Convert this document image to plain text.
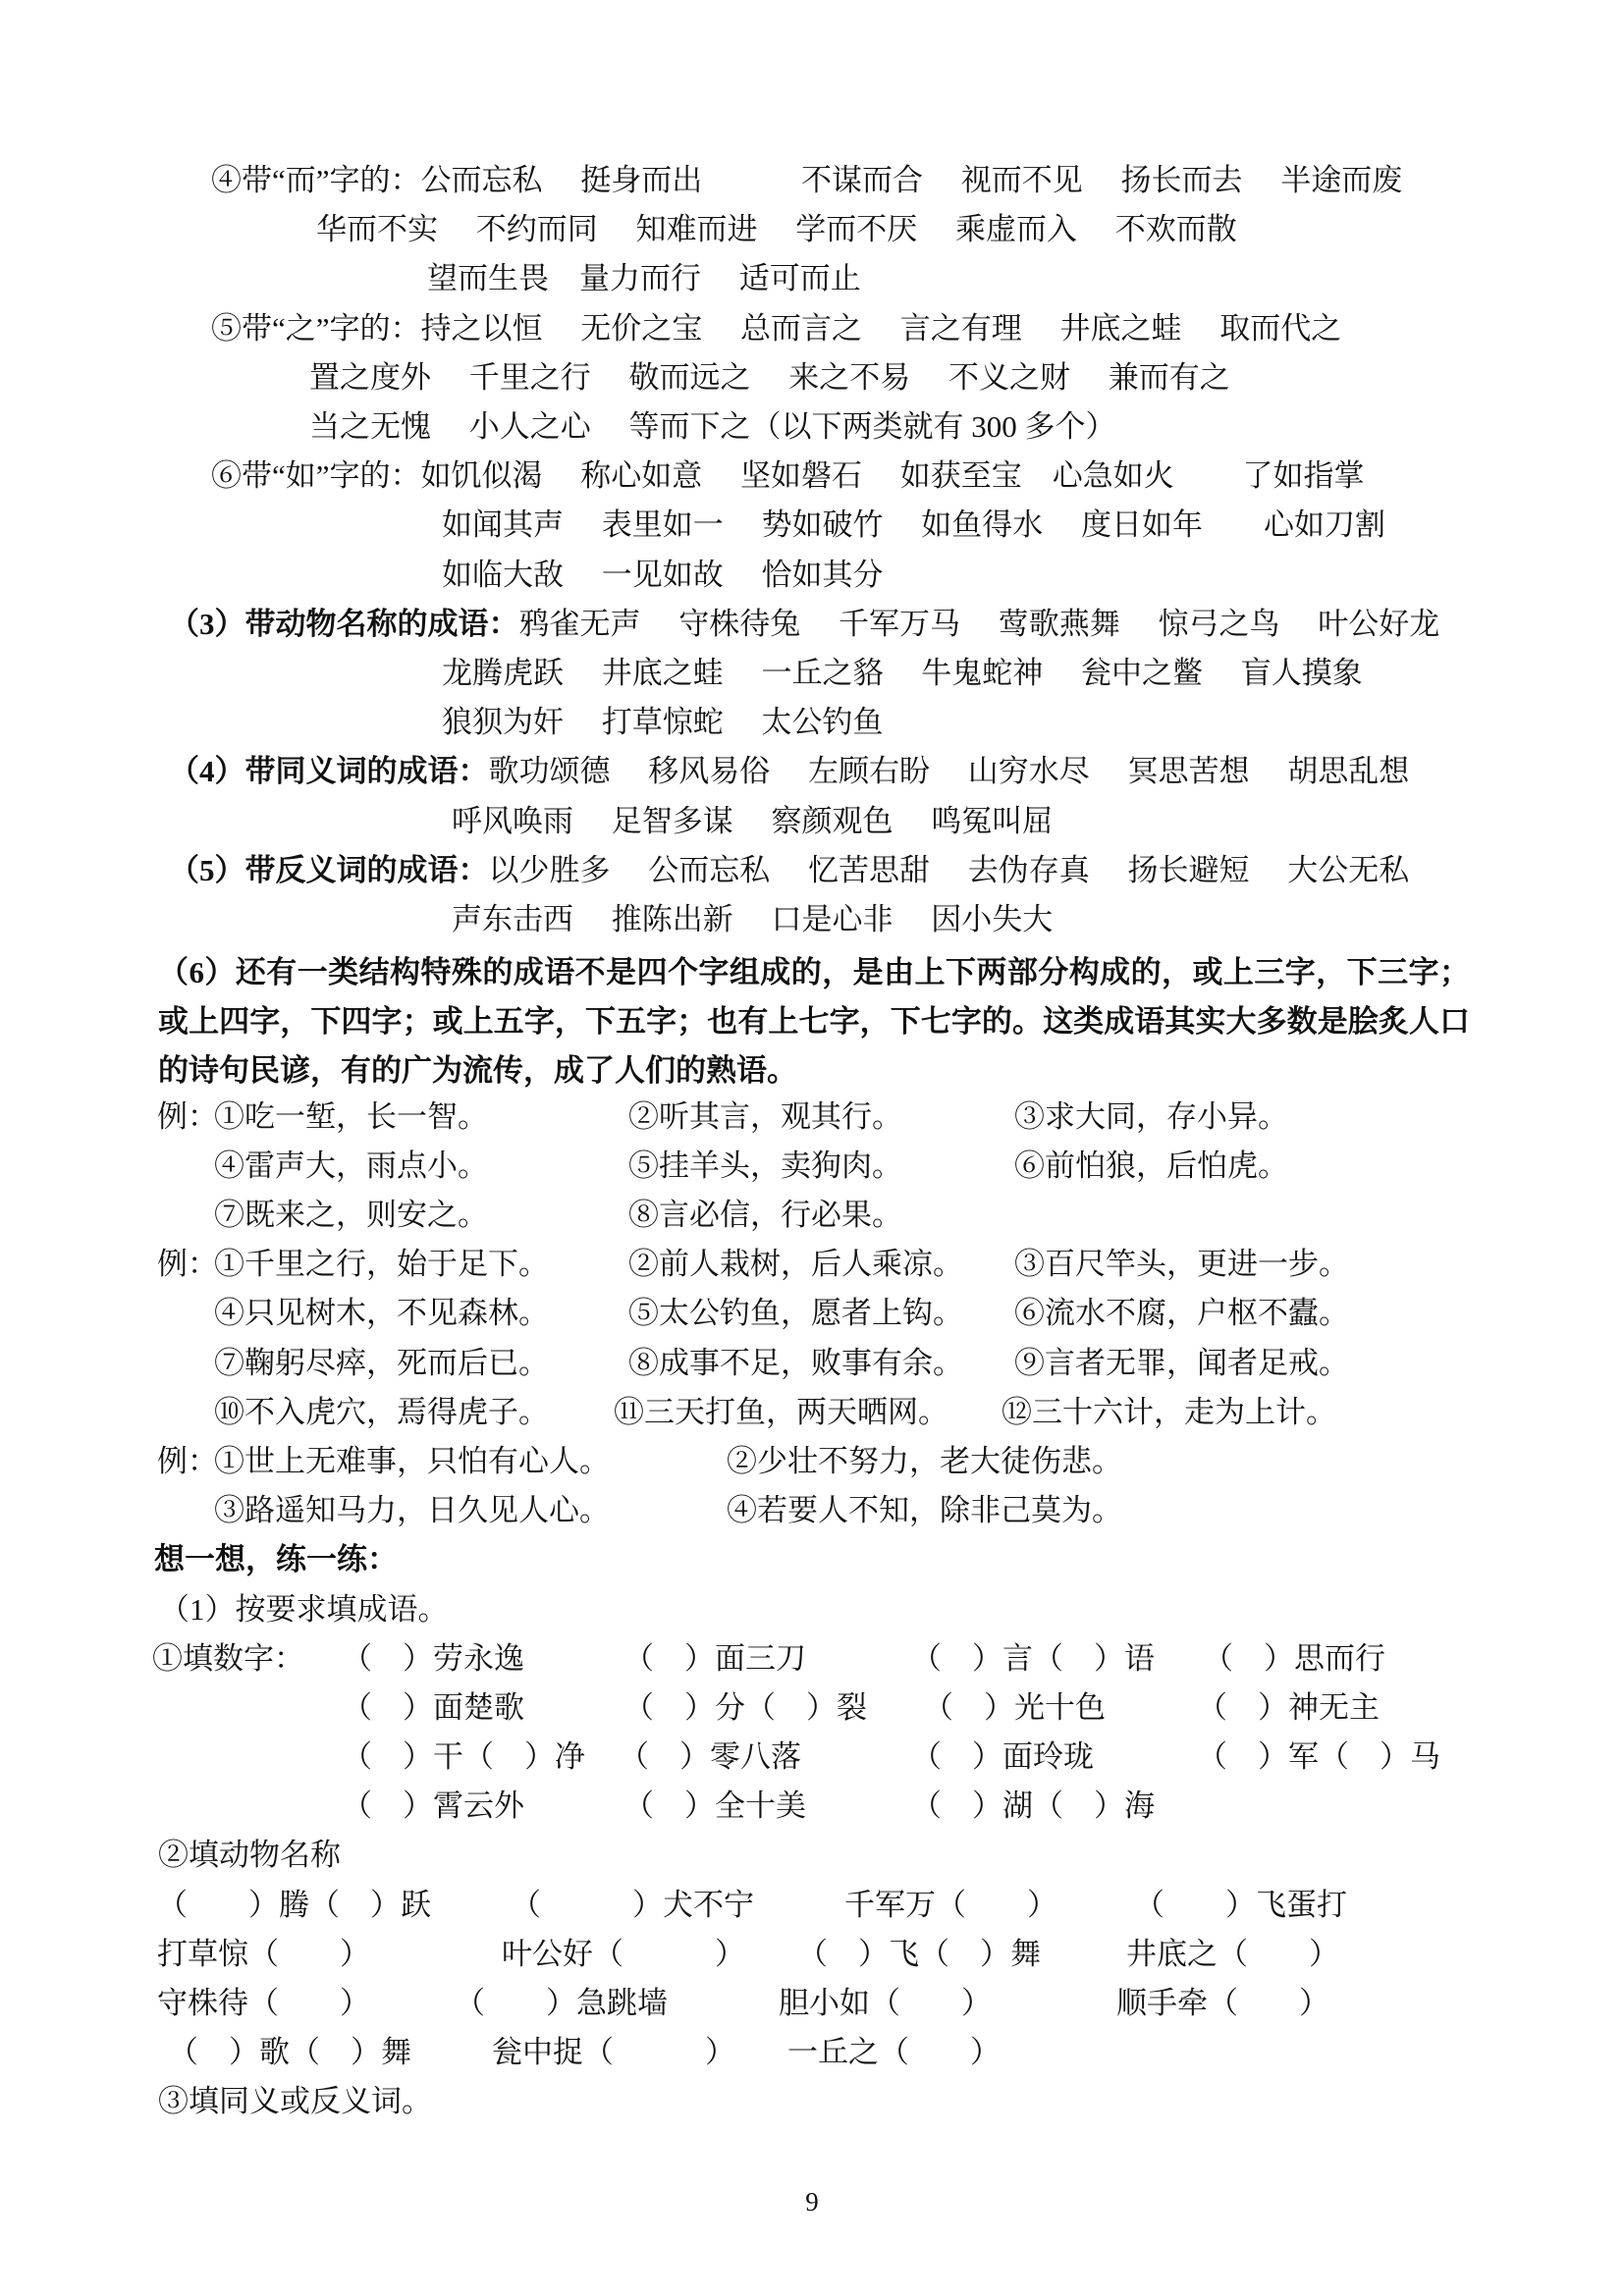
④带“而”字的：公而忘私　 挺身而出　　 　不谋而合　 视而不见　 扬长而去　 半途而废
华而不实　 不约而同　 知难而进　 学而不厌　 乘虚而入　 不欢而散
望而生畏　量力而行　 适可而止
⑤带“之”字的：持之以恒　 无价之宝　 总而言之　 言之有理　 井底之蛙　 取而代之
置之度外　 千里之行　 敬而远之　 来之不易　 不义之财　 兼而有之
当之无愧　 小人之心　 等而下之（以下两类就有 300 多个）
⑥带“如”字的：如饥似渴　 称心如意　 坚如磐石　 如获至宝　心急如火　　 了如指掌
如闻其声　 表里如一　 势如破竹　 如鱼得水　 度日如年　　心如刀割
如临大敌　 一见如故　 恰如其分
（3）带动物名称的成语：鸦雀无声　 守株待兔　 千军万马　 莺歌燕舞　 惊弓之鸟　 叶公好龙
龙腾虎跃　 井底之蛙　 一丘之貉　 牛鬼蛇神　 瓮中之鳖　 盲人摸象
狼狈为奸　 打草惊蛇　 太公钓鱼
（4）带同义词的成语：歌功颂德　 移风易俗　 左顾右盼　 山穷水尽　 冥思苦想　 胡思乱想
呼风唤雨　 足智多谋　 察颜观色　 鸣冤叫屈
（5）带反义词的成语：以少胜多　 公而忘私　 忆苦思甜　 去伪存真　 扬长避短　 大公无私
声东击西　 推陈出新　 口是心非　 因小失大
（6）还有一类结构特殊的成语不是四个字组成的，是由上下两部分构成的，或上三字，下三字；或上四字，下四字；或上五字，下五字；也有上七字，下七字的。这类成语其实大多数是脍炙人口的诗句民谚，有的广为流传，成了人们的熟语。
例：
①吃一堑，长一智。	②听其言，观其行。	③求大同，存小异。
④雷声大，雨点小。	⑤挂羊头，卖狗肉。	⑥前怕狼，后怕虎。
⑦既来之，则安之。	⑧言必信，行必果。
例：
①千里之行，始于足下。	②前人栽树，后人乘凉。 ③百尺竿头，更进一步。
④只见树木，不见森林。	⑤太公钓鱼，愿者上钩。 ⑥流水不腐，户枢不蠹。
⑦鞠躬尽瘁，死而后已。	⑧成事不足，败事有余。 ⑨言者无罪，闻者足戒。
⑩不入虎穴，焉得虎子。 ⑪三天打鱼，两天晒网。 ⑫三十六计，走为上计。
例：
①世上无难事，只怕有心人。	②少壮不努力，老大徒伤悲。
③路遥知马力，日久见人心。	④若要人不知，除非己莫为。
想一想，练一练：
（1）按要求填成语。
①填数字： （　）劳永逸	（　）面三刀	（　）言（　）语 （　）思而行
（　）面楚歌	（　）分（　）裂 （　）光十色	（　）神无主
（　）干（　）净 （　）零八落	（　）面玲珑	（　）军（　）马
（　）霄云外	（　）全十美	（　）湖（　）海
②填动物名称
（　　）腾（　）跃	（　　　）犬不宁	千军万（　　）	（　　）飞蛋打
打草惊（　　）	叶公好（　　　） （　）飞（　）舞	井底之（　　）
守株待（　　）	（　　）急跳墙	胆小如（　　）	顺手牵（　　）
（　）歌（　）舞	瓮中捉（　　　） 一丘之（　　）
③填同义或反义词。
9
